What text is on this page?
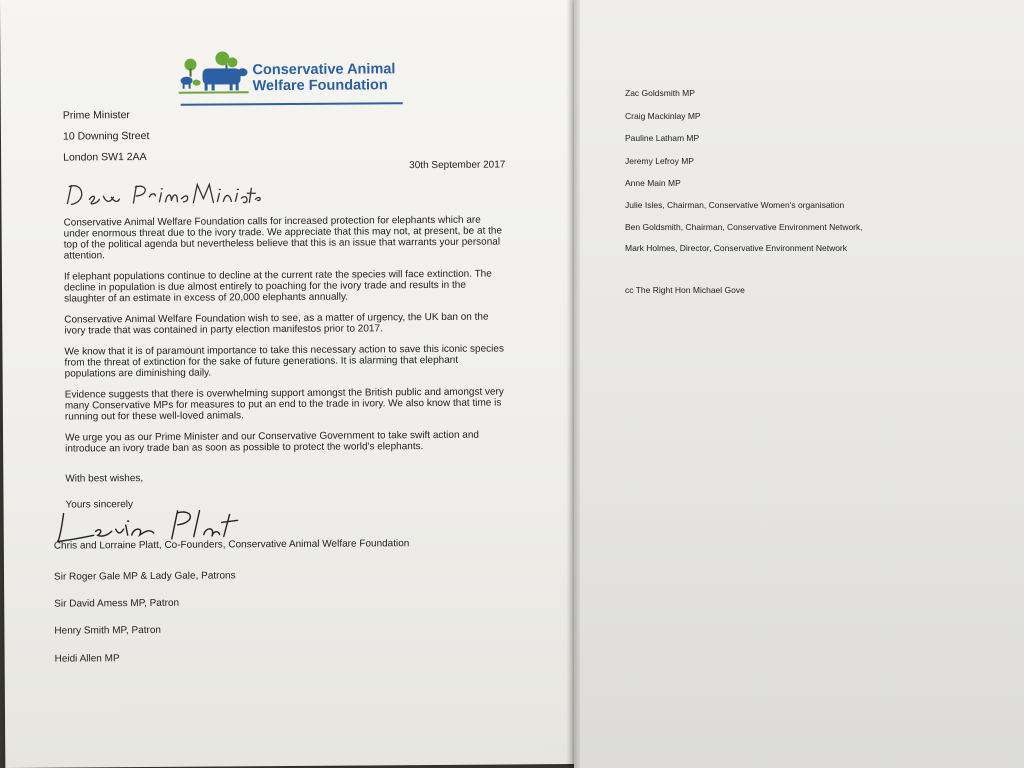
Conservative Animal
Welfare Foundation
Prime Minister
10 Downing Street
London SW1 2AA
30th September 2017

Conservative Animal Welfare Foundation calls for increased protection for elephants which are under enormous threat due to the ivory trade. We appreciate that this may not, at present, be at the top of the political agenda but nevertheless believe that this is an issue that warrants your personal attention.

If elephant populations continue to decline at the current rate the species will face extinction. The decline in population is due almost entirely to poaching for the ivory trade and results in the slaughter of an estimate in excess of 20,000 elephants annually.

Conservative Animal Welfare Foundation wish to see, as a matter of urgency, the UK ban on the ivory trade that was contained in party election manifestos prior to 2017.

We know that it is of paramount importance to take this necessary action to save this iconic species from the threat of extinction for the sake of future generations. It is alarming that elephant populations are diminishing daily.

Evidence suggests that there is overwhelming support amongst the British public and amongst very many Conservative MPs for measures to put an end to the trade in ivory. We also know that time is running out for these well-loved animals.

We urge you as our Prime Minister and our Conservative Government to take swift action and introduce an ivory trade ban as soon as possible to protect the world's elephants.

With best wishes,
Yours sincerely
Chris and Lorraine Platt, Co-Founders, Conservative Animal Welfare Foundation
Sir Roger Gale MP & Lady Gale, Patrons
Sir David Amess MP, Patron
Henry Smith MP, Patron
Heidi Allen MP
Zac Goldsmith MP
Craig Mackinlay MP
Pauline Latham MP
Jeremy Lefroy MP
Anne Main MP
Julie Isles, Chairman, Conservative Women's organisation
Ben Goldsmith, Chairman, Conservative Environment Network,
Mark Holmes, Director, Conservative Environment Network
cc The Right Hon Michael Gove
